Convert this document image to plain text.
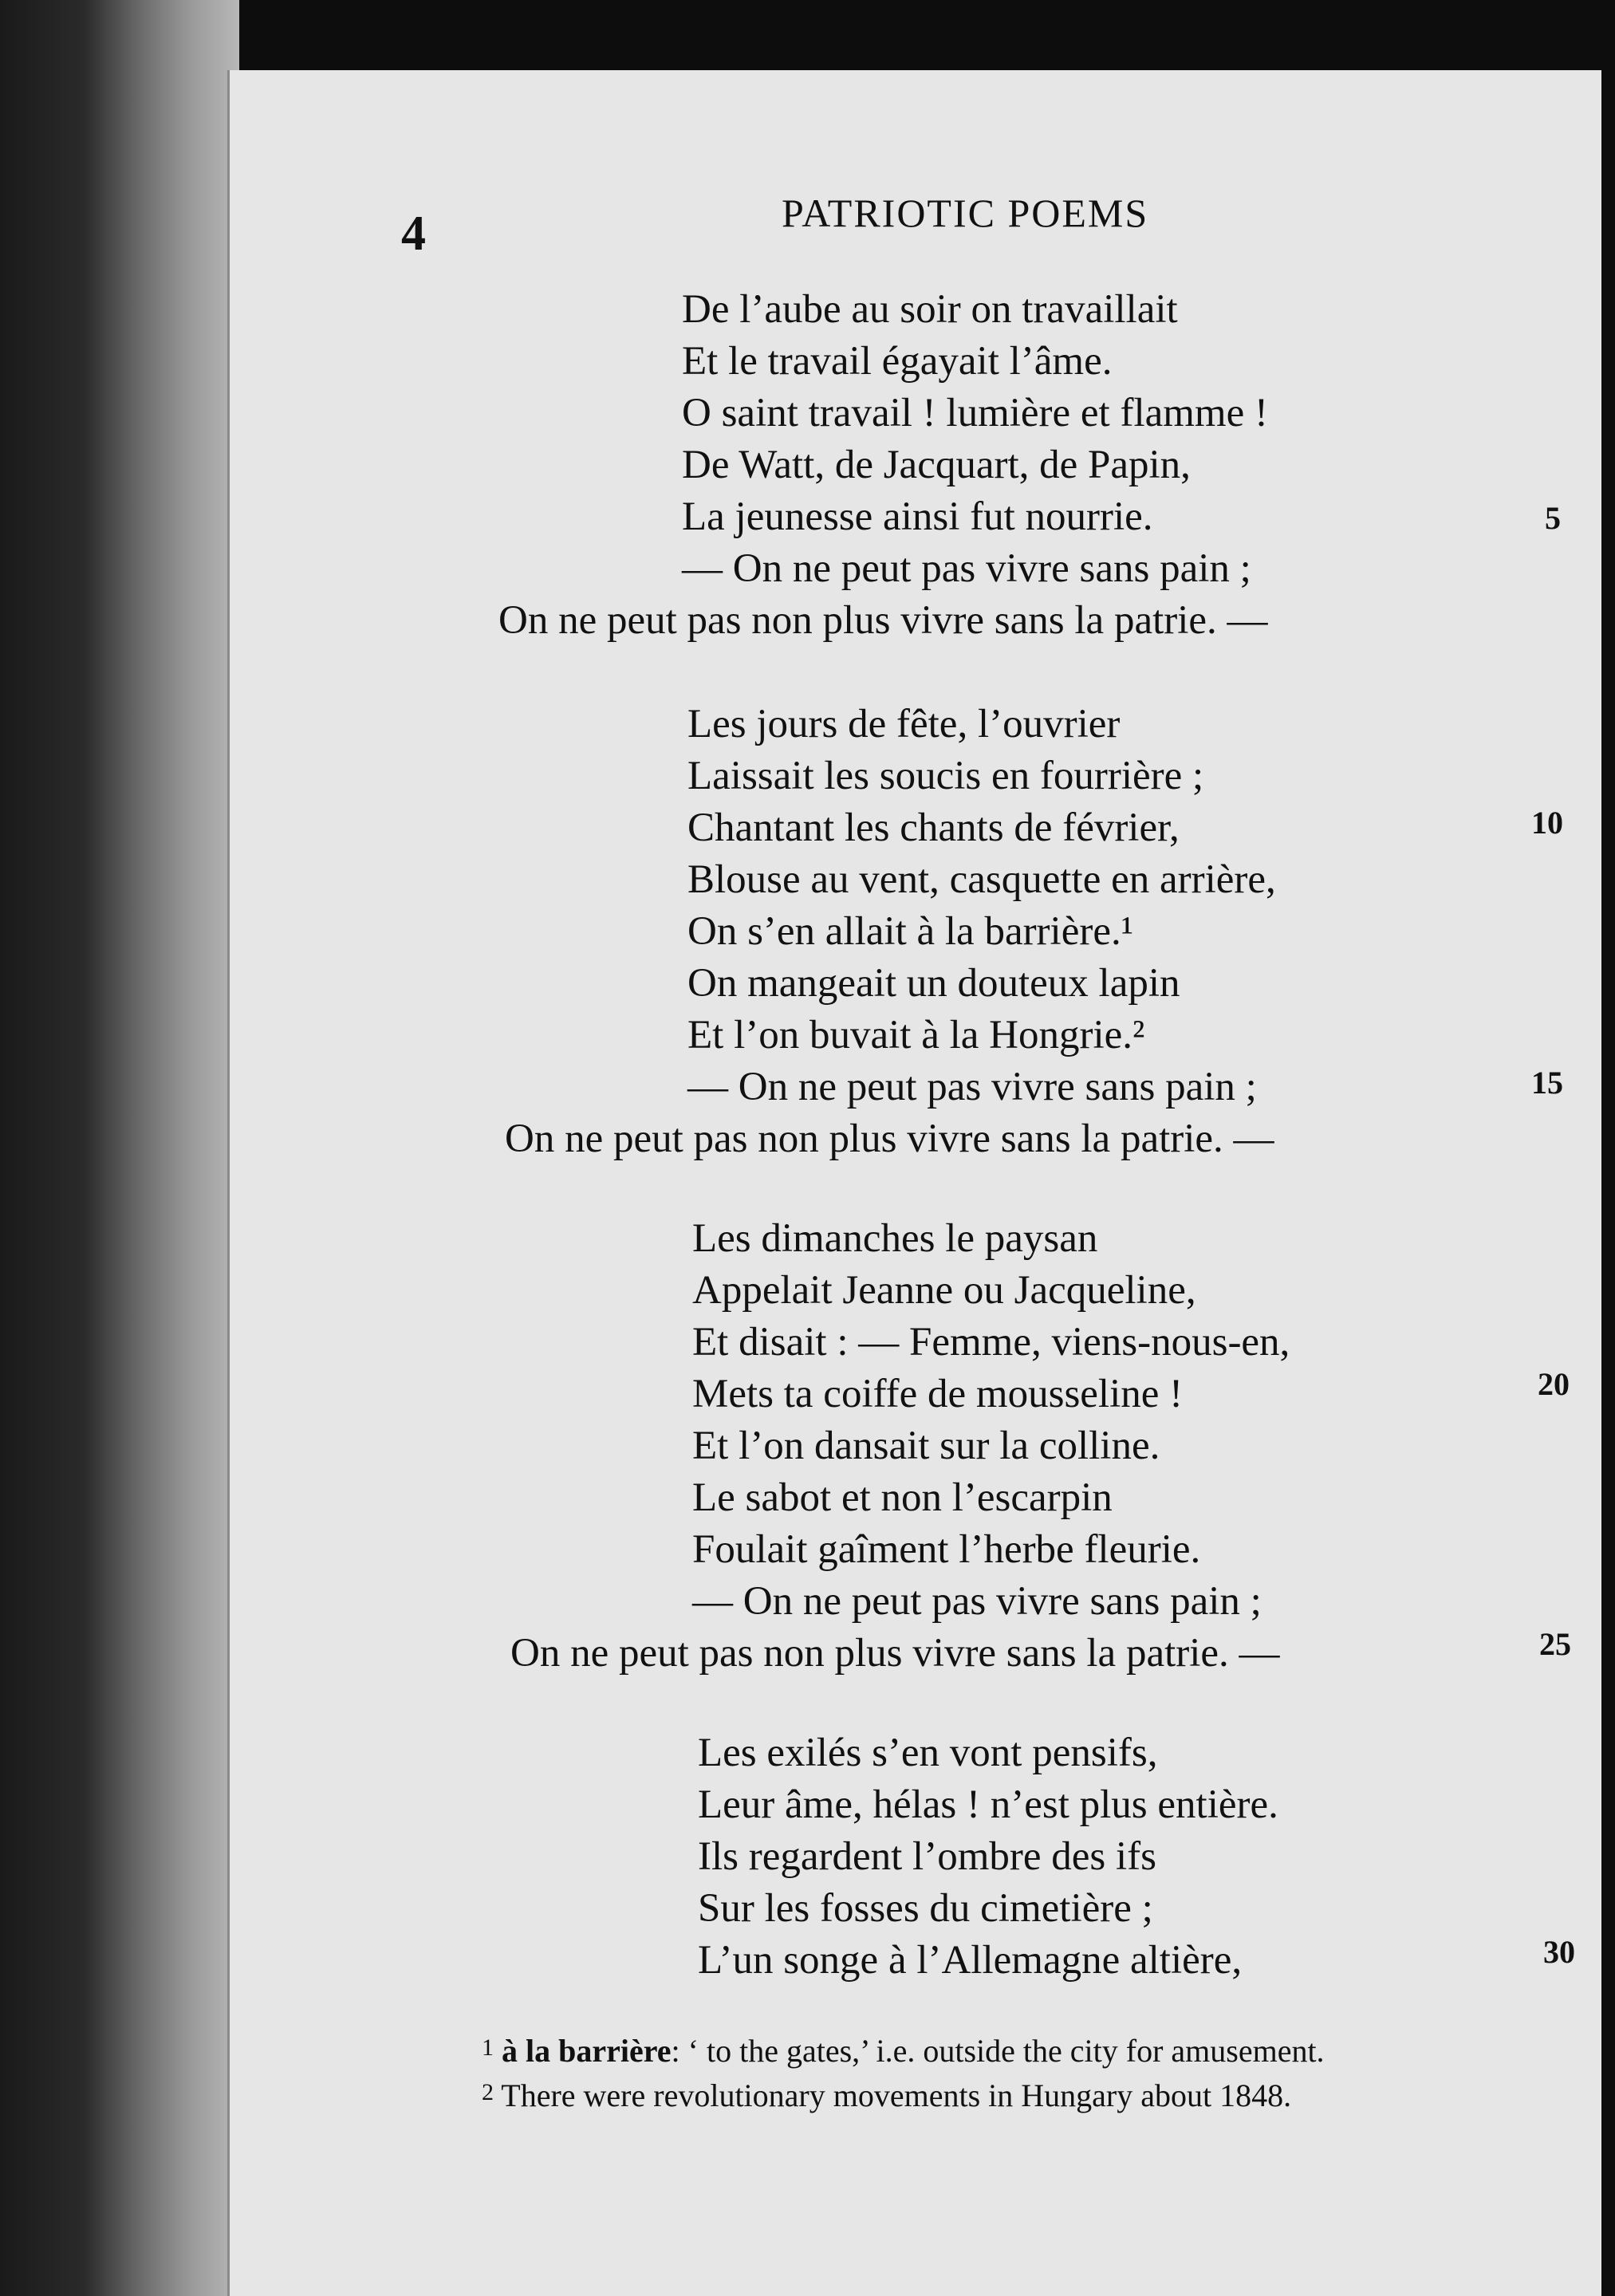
4	PATRIOTIC POEMS
De l’aube au soir on travaillait
Et le travail égayait l’âme.
O saint travail ! lumière et flamme !
De Watt, de Jacquart, de Papin,
La jeunesse ainsi fut nourrie.
— On ne peut pas vivre sans pain ;
On ne peut pas non plus vivre sans la patrie. —
Les jours de fête, l’ouvrier
Laissait les soucis en fourrière ;
Chantant les chants de février,
Blouse au vent, casquette en arrière,
On s’en allait à la barrière.¹
On mangeait un douteux lapin
Et l’on buvait à la Hongrie.²
— On ne peut pas vivre sans pain ;
On ne peut pas non plus vivre sans la patrie. —
Les dimanches le paysan
Appelait Jeanne ou Jacqueline,
Et disait : — Femme, viens-nous-en,
Mets ta coiffe de mousseline !
Et l’on dansait sur la colline.
Le sabot et non l’escarpin
Foulait gaîment l’herbe fleurie.
— On ne peut pas vivre sans pain ;
On ne peut pas non plus vivre sans la patrie. —
Les exilés s’en vont pensifs,
Leur âme, hélas ! n’est plus entière.
Ils regardent l’ombre des ifs
Sur les fosses du cimetière ;
L’un songe à l’Allemagne altière,
5
10
15
20
25
30
$^1$ à la barrière: ‘ to the gates,’ i.e. outside the city for amusement.
$^2$ There were revolutionary movements in Hungary about 1848.
